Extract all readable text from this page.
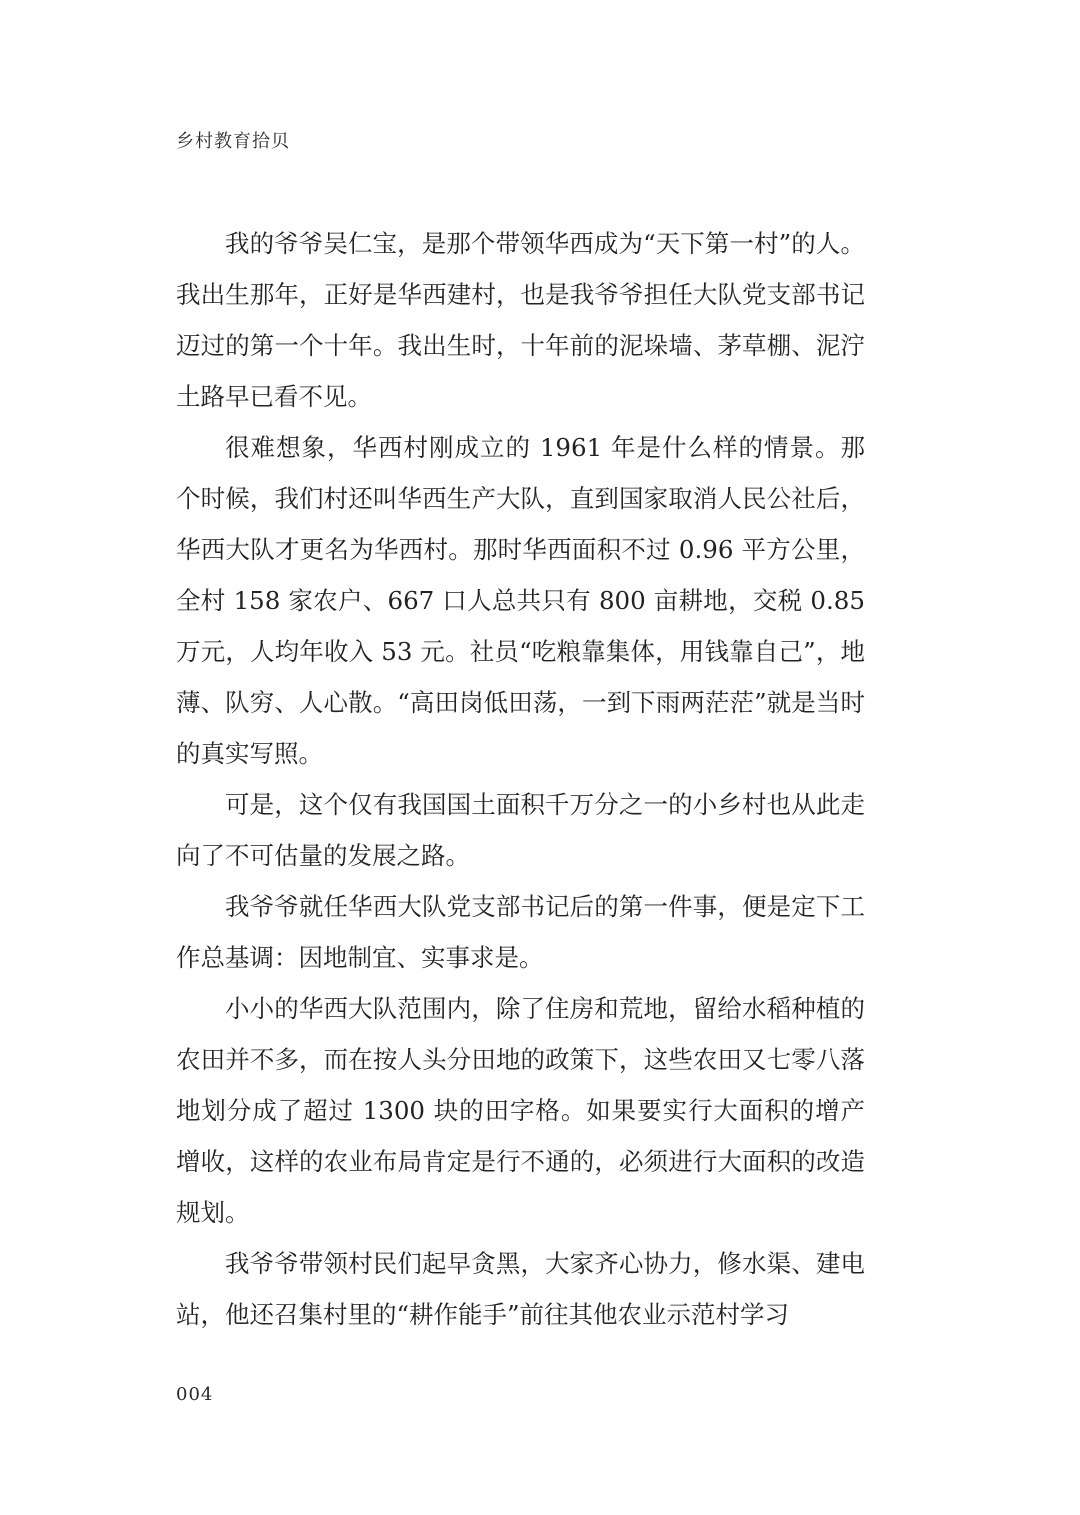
乡村教育拾贝

我的爷爷吴仁宝，是那个带领华西成为“天下第一村”的人。我出生那年，正好是华西建村，也是我爷爷担任大队党支部书记迈过的第一个十年。我出生时，十年前的泥垛墙、茅草棚、泥泞土路早已看不见。

很难想象，华西村刚成立的 1961 年是什么样的情景。那个时候，我们村还叫华西生产大队，直到国家取消人民公社后，华西大队才更名为华西村。那时华西面积不过 0.96 平方公里，全村 158 家农户、667 口人总共只有 800 亩耕地，交税 0.85 万元，人均年收入 53 元。社员“吃粮靠集体，用钱靠自己”，地薄、队穷、人心散。“高田岗低田荡，一到下雨两茫茫”就是当时的真实写照。

可是，这个仅有我国国土面积千万分之一的小乡村也从此走向了不可估量的发展之路。

我爷爷就任华西大队党支部书记后的第一件事，便是定下工作总基调：因地制宜、实事求是。

小小的华西大队范围内，除了住房和荒地，留给水稻种植的农田并不多，而在按人头分田地的政策下，这些农田又七零八落地划分成了超过 1300 块的田字格。如果要实行大面积的增产增收，这样的农业布局肯定是行不通的，必须进行大面积的改造规划。

我爷爷带领村民们起早贪黑，大家齐心协力，修水渠、建电站，他还召集村里的“耕作能手”前往其他农业示范村学习

004
